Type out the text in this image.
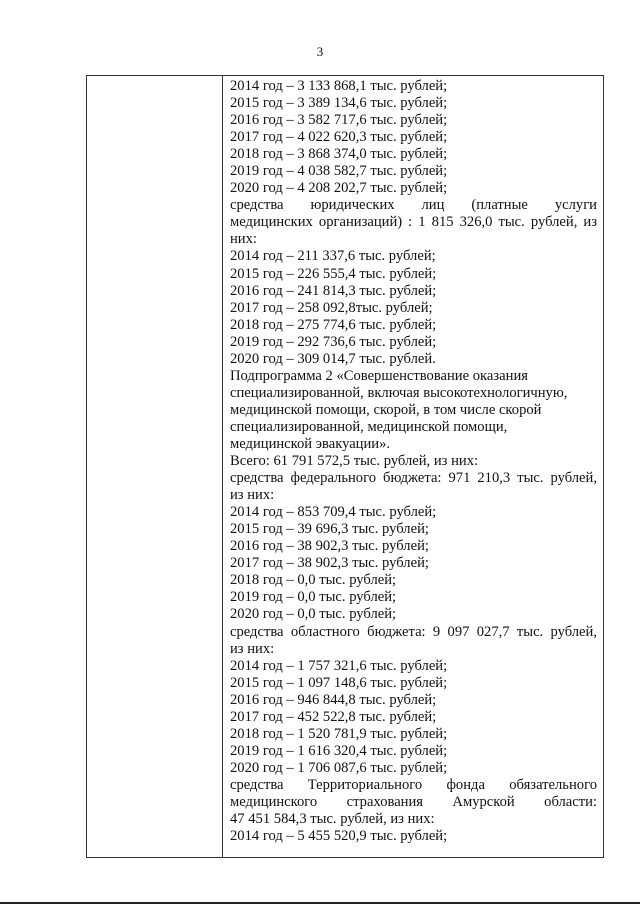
3
2014 год – 3 133 868,1 тыс. рублей;
2015 год – 3 389 134,6 тыс. рублей;
2016 год – 3 582 717,6 тыс. рублей;
2017 год – 4 022 620,3 тыс. рублей;
2018 год – 3 868 374,0 тыс. рублей;
2019 год – 4 038 582,7 тыс. рублей;
2020 год – 4 208 202,7 тыс. рублей;
средства юридических лиц (платные услуги
медицинских организаций) : 1 815 326,0 тыс. рублей, из
них:
2014 год – 211 337,6 тыс. рублей;
2015 год – 226 555,4 тыс. рублей;
2016 год – 241 814,3 тыс. рублей;
2017 год – 258 092,8тыс. рублей;
2018 год – 275 774,6 тыс. рублей;
2019 год – 292 736,6 тыс. рублей;
2020 год – 309 014,7 тыс. рублей.
Подпрограмма 2 «Совершенствование оказания
специализированной, включая высокотехнологичную,
медицинской помощи, скорой, в том числе скорой
специализированной, медицинской помощи,
медицинской эвакуации».
Всего: 61 791 572,5 тыс. рублей, из них:
средства федерального бюджета: 971 210,3 тыс. рублей,
из них:
2014 год – 853 709,4 тыс. рублей;
2015 год – 39 696,3 тыс. рублей;
2016 год – 38 902,3 тыс. рублей;
2017 год – 38 902,3 тыс. рублей;
2018 год – 0,0 тыс. рублей;
2019 год – 0,0 тыс. рублей;
2020 год – 0,0 тыс. рублей;
средства областного бюджета: 9 097 027,7 тыс. рублей,
из них:
2014 год – 1 757 321,6 тыс. рублей;
2015 год – 1 097 148,6 тыс. рублей;
2016 год – 946 844,8 тыс. рублей;
2017 год – 452 522,8 тыс. рублей;
2018 год – 1 520 781,9 тыс. рублей;
2019 год – 1 616 320,4 тыс. рублей;
2020 год – 1 706 087,6 тыс. рублей;
средства Территориального фонда обязательного
медицинского страхования Амурской области:
47 451 584,3 тыс. рублей, из них:
2014 год – 5 455 520,9 тыс. рублей;
